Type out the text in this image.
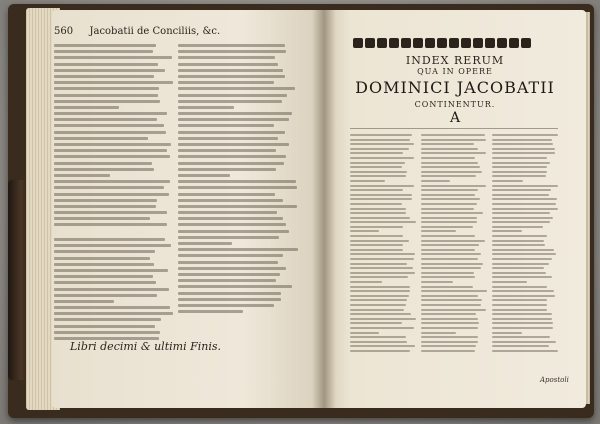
560 Jacobatii de Conciliis, &c.
Libri decimi & ultimi Finis.
INDEX RERUM
QUA IN OPERE
DOMINICI JACOBATII
CONTINENTUR.
A
Apostoli
